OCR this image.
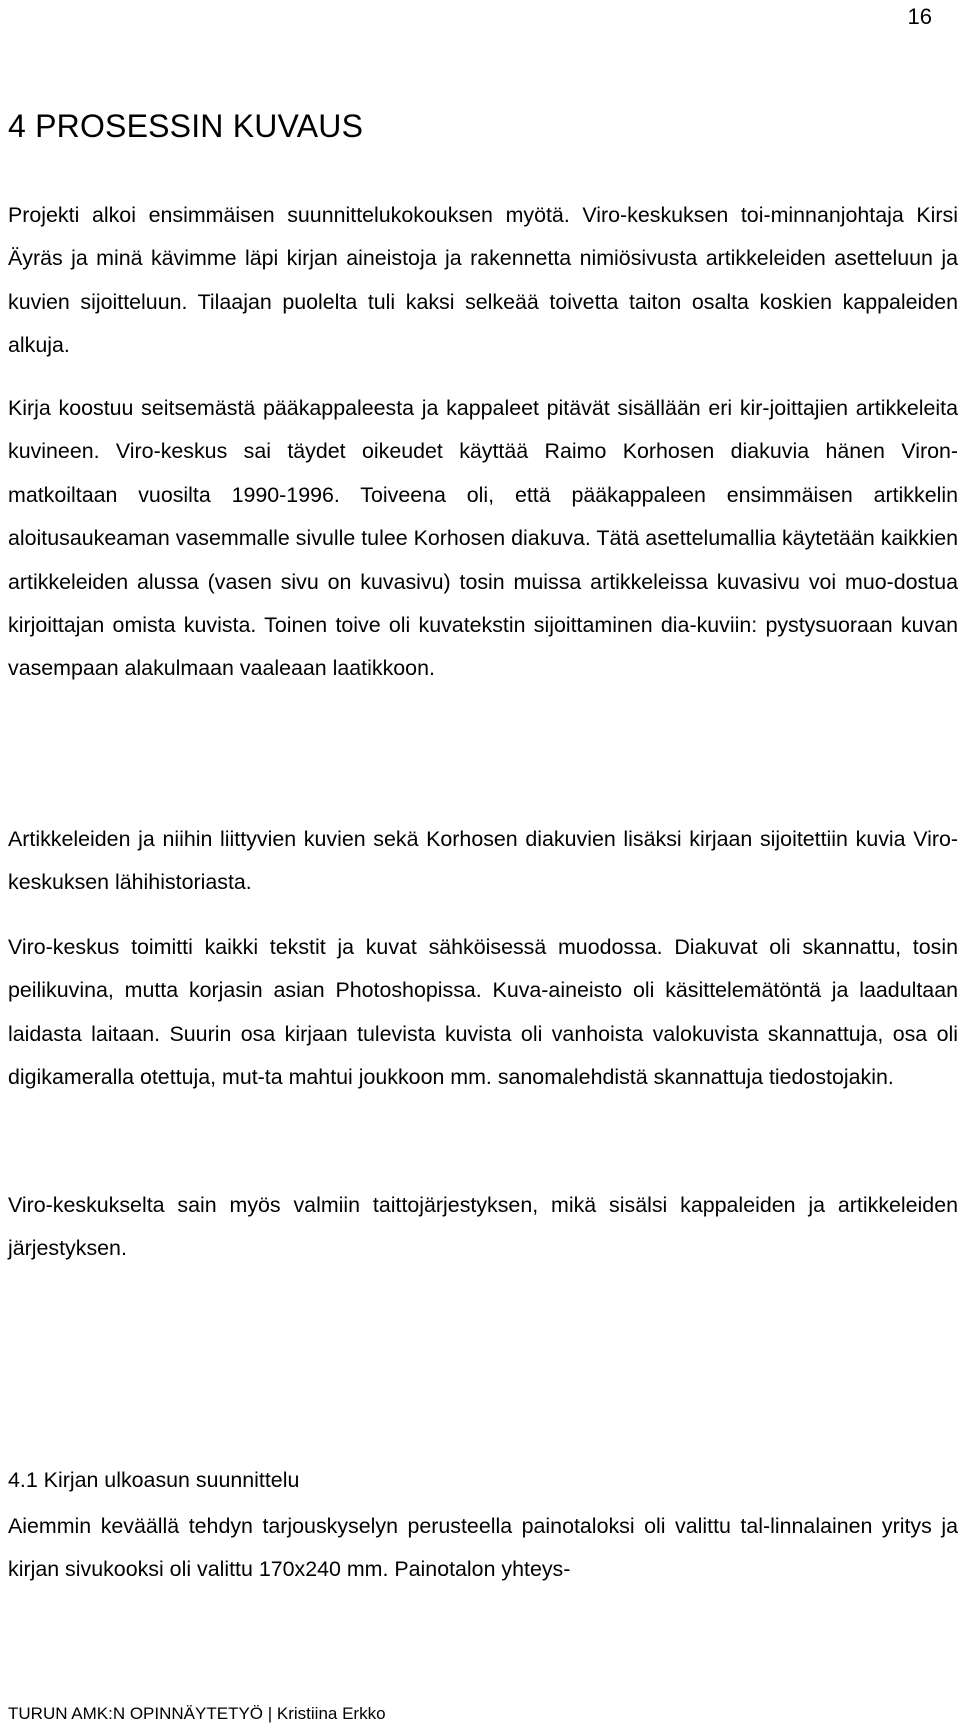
16
4 PROSESSIN KUVAUS

Projekti alkoi ensimmäisen suunnittelukokouksen myötä. Viro-keskuksen toi-minnanjohtaja Kirsi Äyräs ja minä kävimme läpi kirjan aineistoja ja rakennetta nimiösivusta artikkeleiden asetteluun ja kuvien sijoitteluun. Tilaajan puolelta tuli kaksi selkeää toivetta taiton osalta koskien kappaleiden alkuja.

Kirja koostuu seitsemästä pääkappaleesta ja kappaleet pitävät sisällään eri kir-joittajien artikkeleita kuvineen. Viro-keskus sai täydet oikeudet käyttää Raimo Korhosen diakuvia hänen Viron-matkoiltaan vuosilta 1990-1996. Toiveena oli, että pääkappaleen ensimmäisen artikkelin aloitusaukeaman vasemmalle sivulle tulee Korhosen diakuva. Tätä asettelumallia käytetään kaikkien artikkeleiden alussa (vasen sivu on kuvasivu) tosin muissa artikkeleissa kuvasivu voi muo-dostua kirjoittajan omista kuvista. Toinen toive oli kuvatekstin sijoittaminen dia-kuviin: pystysuoraan kuvan vasempaan alakulmaan vaaleaan laatikkoon.

Artikkeleiden ja niihin liittyvien kuvien sekä Korhosen diakuvien lisäksi kirjaan sijoitettiin kuvia Viro-keskuksen lähihistoriasta.

Viro-keskus toimitti kaikki tekstit ja kuvat sähköisessä muodossa. Diakuvat oli skannattu, tosin peilikuvina, mutta korjasin asian Photoshopissa. Kuva-aineisto oli käsittelemätöntä ja laadultaan laidasta laitaan. Suurin osa kirjaan tulevista kuvista oli vanhoista valokuvista skannattuja, osa oli digikameralla otettuja, mut-ta mahtui joukkoon mm. sanomalehdistä skannattuja tiedostojakin.

Viro-keskukselta sain myös valmiin taittojärjestyksen, mikä sisälsi kappaleiden ja artikkeleiden järjestyksen.

4.1 Kirjan ulkoasun suunnittelu

Aiemmin keväällä tehdyn tarjouskyselyn perusteella painotaloksi oli valittu tal-linnalainen yritys ja kirjan sivukooksi oli valittu 170x240 mm. Painotalon yhteys-

TURUN AMK:N OPINNÄYTETYÖ | Kristiina Erkko
